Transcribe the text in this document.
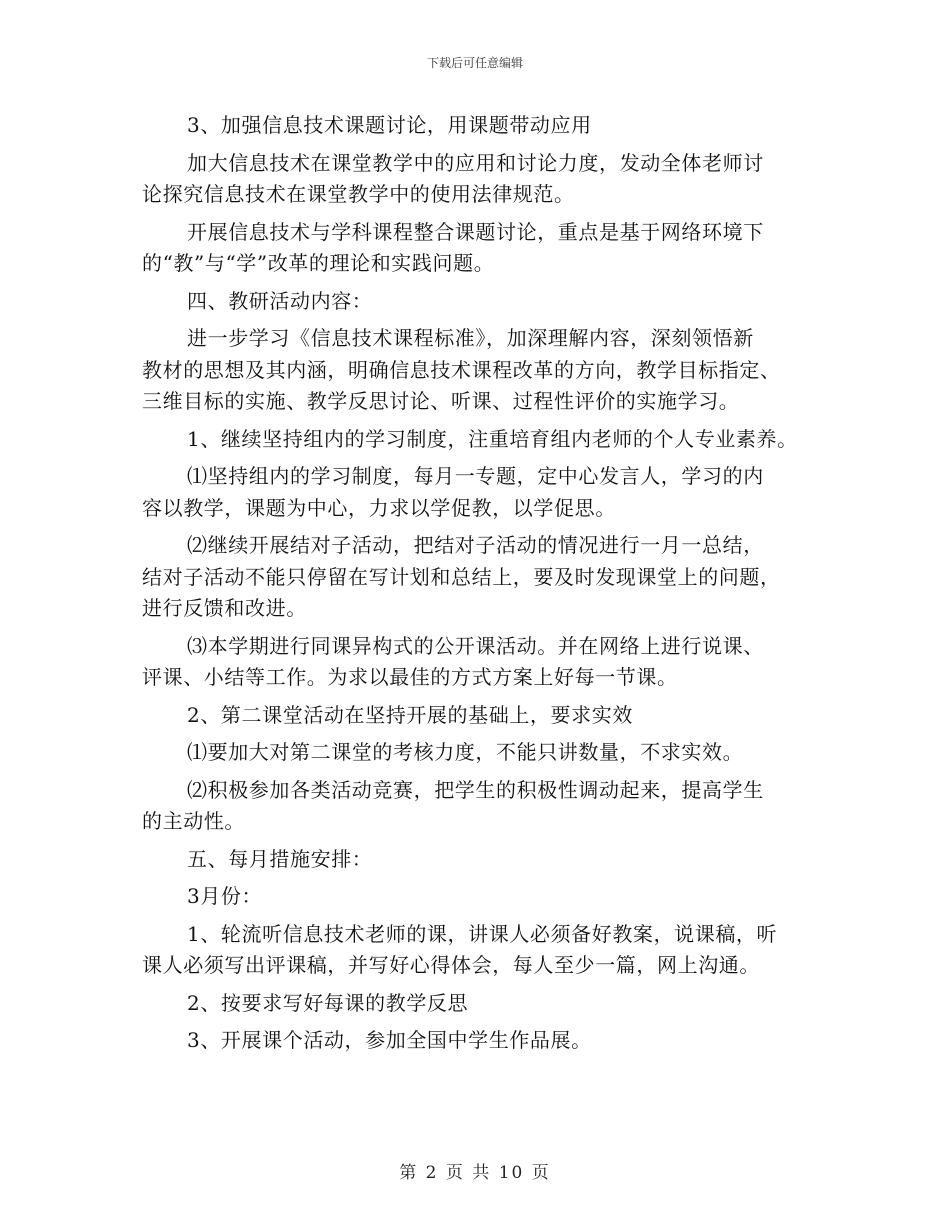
下载后可任意编辑

3、加强信息技术课题讨论，用课题带动应用

加大信息技术在课堂教学中的应用和讨论力度，发动全体老师讨

论探究信息技术在课堂教学中的使用法律规范。

开展信息技术与学科课程整合课题讨论，重点是基于网络环境下

的“教”与“学”改革的理论和实践问题。

四、教研活动内容：

进一步学习《信息技术课程标准》，加深理解内容，深刻领悟新

教材的思想及其内涵，明确信息技术课程改革的方向，教学目标指定、

三维目标的实施、教学反思讨论、听课、过程性评价的实施学习。

1、继续坚持组内的学习制度，注重培育组内老师的个人专业素养。

⑴坚持组内的学习制度，每月一专题，定中心发言人，学习的内

容以教学，课题为中心，力求以学促教，以学促思。

⑵继续开展结对子活动，把结对子活动的情况进行一月一总结，

结对子活动不能只停留在写计划和总结上，要及时发现课堂上的问题，

进行反馈和改进。

⑶本学期进行同课异构式的公开课活动。并在网络上进行说课、

评课、小结等工作。为求以最佳的方式方案上好每一节课。

2、第二课堂活动在坚持开展的基础上，要求实效

⑴要加大对第二课堂的考核力度，不能只讲数量，不求实效。

⑵积极参加各类活动竞赛，把学生的积极性调动起来，提高学生

的主动性。

五、每月措施安排：

3月份：

1、轮流听信息技术老师的课，讲课人必须备好教案，说课稿，听

课人必须写出评课稿，并写好心得体会，每人至少一篇，网上沟通。

2、按要求写好每课的教学反思

3、开展课个活动，参加全国中学生作品展。

第 2 页 共 10 页
